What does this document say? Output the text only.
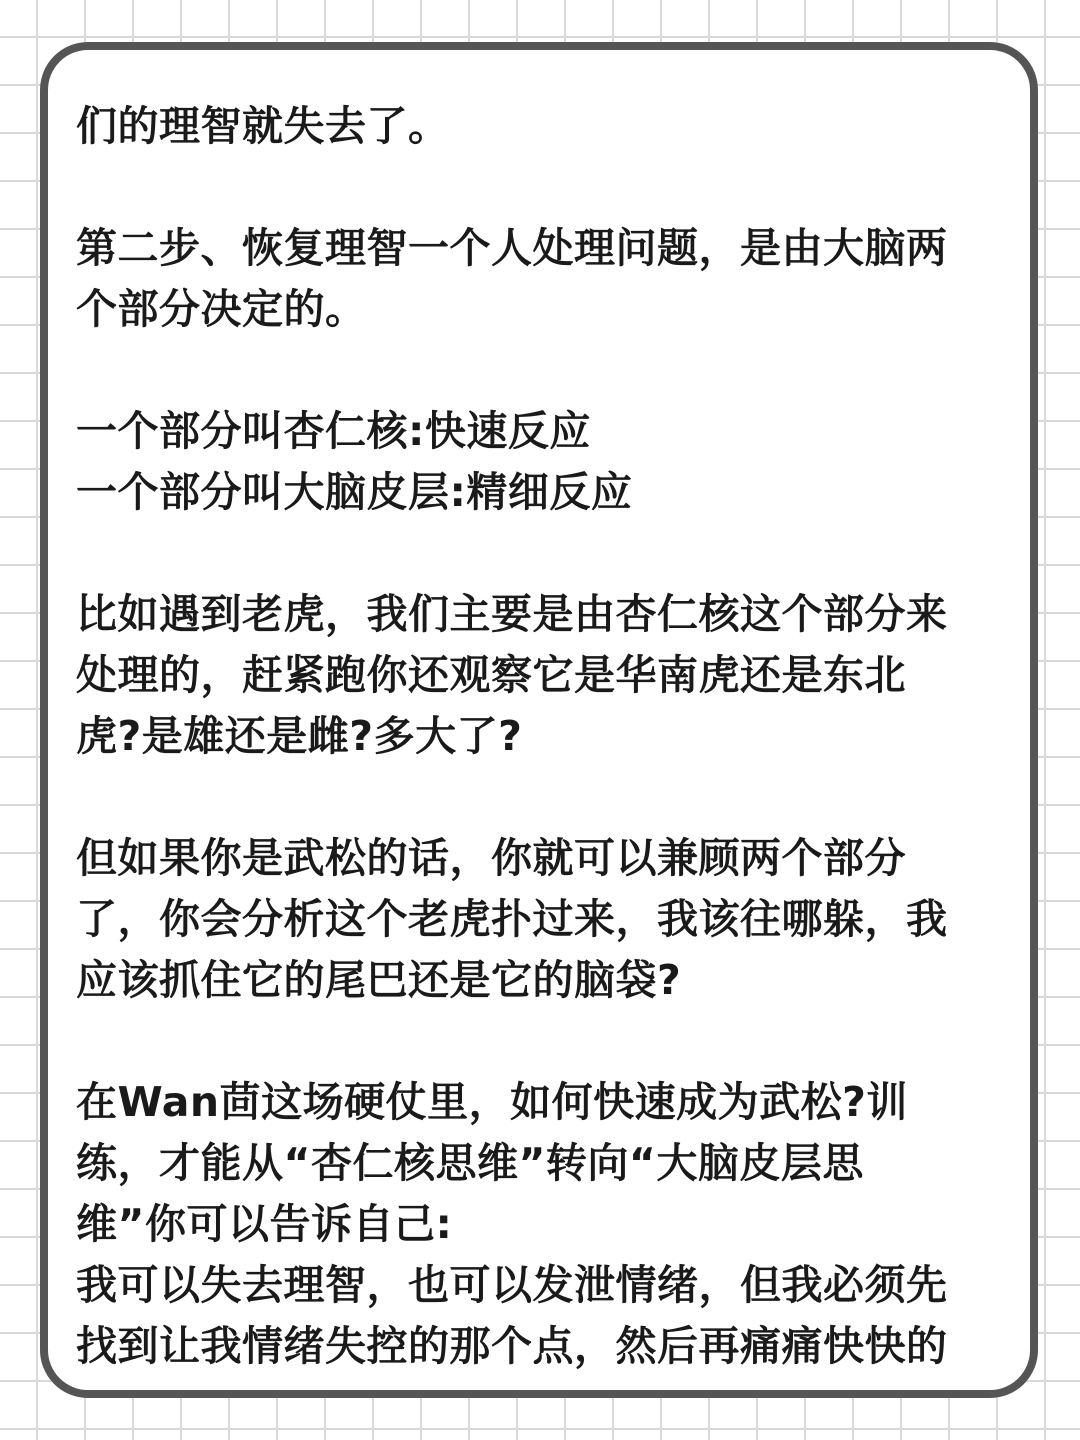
们的理智就失去了。

第二步、恢复理智一个人处理问题，是由大脑两

个部分决定的。

一个部分叫杏仁核:快速反应

一个部分叫大脑皮层:精细反应

比如遇到老虎，我们主要是由杏仁核这个部分来

处理的，赶紧跑你还观察它是华南虎还是东北

虎?是雄还是雌?多大了?

但如果你是武松的话，你就可以兼顾两个部分

了，你会分析这个老虎扑过来，我该往哪躲，我

应该抓住它的尾巴还是它的脑袋?

在Wan茴这场硬仗里，如何快速成为武松?训

练，才能从“杏仁核思维”转向“大脑皮层思

维”你可以告诉自己:

我可以失去理智，也可以发泄情绪，但我必须先

找到让我情绪失控的那个点，然后再痛痛快快的
